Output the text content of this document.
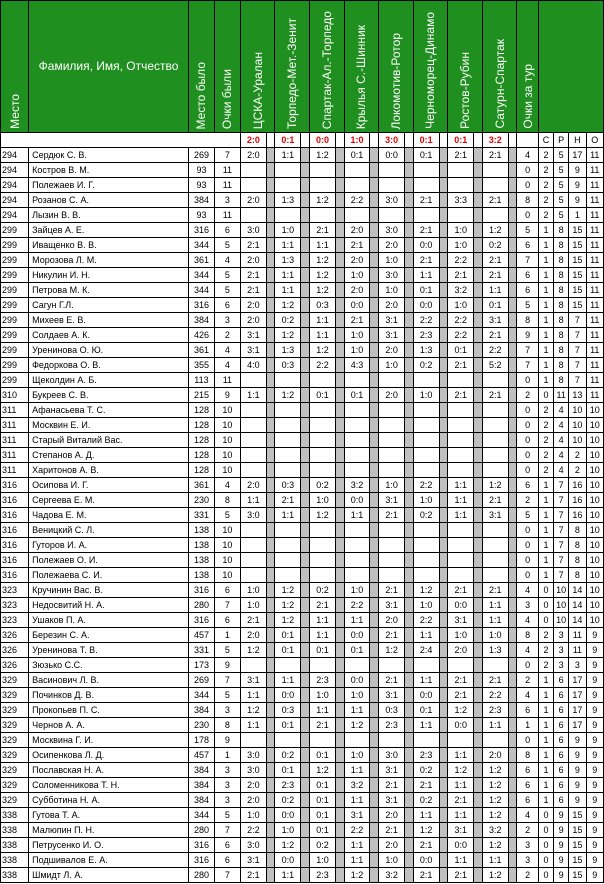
Место	Фамилия, Имя, Отчество	Место было	Очки были	ЦСКА-Уралан		Торпедо-Мет.-Зенит		Спартак-Ал.-Торпедо		Крылья С.-Шинник		Локомотив-Ротор		Черноморец-Динамо		Ростов-Рубин		Сатурн-Спартак		Очки за тур				

				2:0		0:1		0:0		1:0		3:0		0:1		0:1		3:2			С	Р	Н	О
294	Сердюк С. В.	269	7	2:0		1:1		1:2		0:1		0:0		0:1		2:1		2:1		4	2	5	17	11
294	Костров В. М.	93	11																	0	2	5	9	11
294	Полежаев И. Г.	93	11																	0	2	5	9	11
294	Розанов С. А.	384	3	2:0		1:3		1:2		2:2		3:0		2:1		3:3		2:1		8	2	5	9	11
294	Лызин В. В.	93	11																	0	2	5	1	11
299	Зайцев А. Е.	316	6	3:0		1:0		2:1		2:0		3:0		2:1		1:0		1:2		5	1	8	15	11
299	Иващенко В. В.	344	5	2:1		1:1		1:1		2:1		2:0		0:0		1:0		0:2		6	1	8	15	11
299	Морозова Л. М.	361	4	2:0		1:3		1:2		2:0		1:0		2:1		2:2		2:1		7	1	8	15	11
299	Никулин И. Н.	344	5	2:1		1:1		1:2		1:0		3:0		1:1		2:1		2:1		6	1	8	15	11
299	Петрова М. К.	344	5	2:1		1:1		1:2		2:0		1:0		0:1		3:2		1:1		6	1	8	15	11
299	Сагун Г.Л.	316	6	2:0		1:2		0:3		0:0		2:0		0:0		1:0		0:1		5	1	8	15	11
299	Михеев Е. В.	384	3	2:0		0:2		1:1		2:1		3:1		2:2		2:2		3:1		8	1	8	7	11
299	Солдаев А. К.	426	2	3:1		1:2		1:1		1:0		3:1		2:3		2:2		2:1		9	1	8	7	11
299	Уренинова О. Ю.	361	4	3:1		1:3		1:2		1:0		2:0		1:3		0:1		2:2		7	1	8	7	11
299	Федоркова О. В.	355	4	4:0		0:3		2:2		4:3		1:0		0:2		2:1		5:2		7	1	8	7	11
299	Щеколдин А. Б.	113	11																	0	1	8	7	11
310	Букреев С. В.	215	9	1:1		1:2		0:1		0:1		2:0		1:0		2:1		2:1		2	0	11	13	11
311	Афанасьева Т. С.	128	10																	0	2	4	10	10
311	Москвин Е. И.	128	10																	0	2	4	10	10
311	Старый Виталий Вас.	128	10																	0	2	4	10	10
311	Степанов А. Д.	128	10																	0	2	4	2	10
311	Харитонов А. В.	128	10																	0	2	4	2	10
316	Осипова И. Г.	361	4	2:0		0:3		0:2		3:2		1:0		2:2		1:1		1:2		6	1	7	16	10
316	Сергеева Е. М.	230	8	1:1		2:1		1:0		0:0		3:1		1:0		1:1		2:1		2	1	7	16	10
316	Чадова Е. М.	331	5	3:0		1:1		1:2		1:1		2:1		0:2		1:1		3:1		5	1	7	16	10
316	Веницкий С. Л.	138	10																	0	1	7	8	10
316	Гуторов И. А.	138	10																	0	1	7	8	10
316	Полежаев О. И.	138	10																	0	1	7	8	10
316	Полежаева С. И.	138	10																	0	1	7	8	10
323	Кручинин Вас. В.	316	6	1:0		1:2		0:2		1:0		2:1		1:2		2:1		2:1		4	0	10	14	10
323	Недосвитий Н. А.	280	7	1:0		1:2		2:1		2:2		3:1		1:0		0:0		1:1		3	0	10	14	10
323	Ушаков П. А.	316	6	2:1		1:2		1:1		1:1		2:0		2:2		3:1		1:1		4	0	10	14	10
326	Березин С. А.	457	1	2:0		0:1		1:1		0:0		2:1		1:1		1:0		1:0		8	2	3	11	9
326	Уренинова Т. В.	331	5	1:2		0:1		0:1		0:1		1:2		2:4		2:0		1:3		4	2	3	11	9
326	Зюзько С.С.	173	9																	0	2	3	3	9
329	Васинович Л. В.	269	7	3:1		1:1		2:3		0:0		2:1		1:1		2:1		2:1		2	1	6	17	9
329	Починков Д. В.	344	5	1:1		0:0		1:0		1:0		3:1		0:0		2:1		2:2		4	1	6	17	9
329	Прокопьев П. С.	384	3	1:2		0:3		1:1		1:1		0:3		0:1		1:2		2:3		6	1	6	17	9
329	Чернов А. А.	230	8	1:1		0:1		2:1		1:2		2:3		1:1		0:0		1:1		1	1	6	17	9
329	Москвина Г. И.	178	9																	0	1	6	9	9
329	Осипенкова Л. Д.	457	1	3:0		0:2		0:1		1:0		3:0		2:3		1:1		2:0		8	1	6	9	9
329	Пославская Н. А.	384	3	3:0		0:1		1:2		1:1		3:1		0:2		1:2		1:2		6	1	6	9	9
329	Соломенникова Т. Н.	384	3	2:0		2:3		0:1		3:2		2:1		2:1		1:1		1:2		6	1	6	9	9
329	Субботина Н. А.	384	3	2:0		0:2		0:1		1:1		3:1		0:2		2:1		1:2		6	1	6	9	9
338	Гутова Т. А.	344	5	1:0		0:0		0:1		3:1		2:0		1:1		1:1		1:2		4	0	9	15	9
338	Малюпин П. Н.	280	7	2:2		1:0		0:1		2:2		2:1		1:2		3:1		3:2		2	0	9	15	9
338	Петрусенко И. О.	316	6	3:0		1:2		0:2		1:1		2:0		2:1		0:0		1:2		3	0	9	15	9
338	Подшивалов Е. А.	316	6	3:1		0:0		1:0		1:1		1:0		0:0		1:1		1:1		3	0	9	15	9
338	Шмидт Л. А.	280	7	2:1		1:1		2:3		1:2		3:2		2:1		2:1		1:2		2	0	9	15	9
